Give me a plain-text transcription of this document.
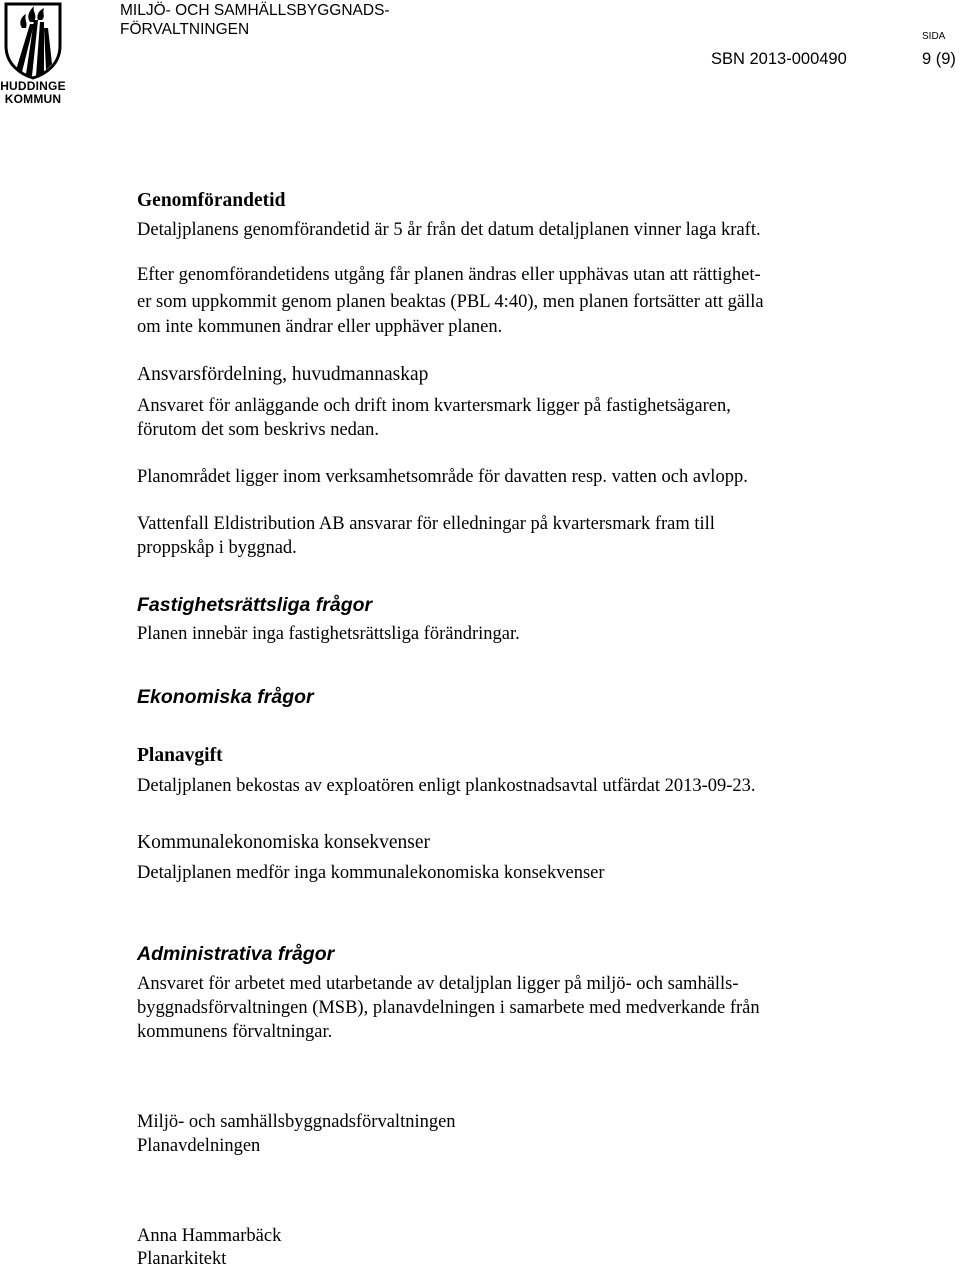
HUDDINGE
KOMMUN
MILJÖ- OCH SAMHÄLLSBYGGNADS-
FÖRVALTNINGEN	SIDA
SBN 2013-000490	9 (9)
Genomförandetid
Detaljplanens genomförandetid är 5 år från det datum detaljplanen vinner laga kraft.
Efter genomförandetidens utgång får planen ändras eller upphävas utan att rättighet-
er som uppkommit genom planen beaktas (PBL 4:40), men planen fortsätter att gälla
om inte kommunen ändrar eller upphäver planen.
Ansvarsfördelning, huvudmannaskap
Ansvaret för anläggande och drift inom kvartersmark ligger på fastighetsägaren,
förutom det som beskrivs nedan.
Planområdet ligger inom verksamhetsområde för davatten resp. vatten och avlopp.
Vattenfall Eldistribution AB ansvarar för elledningar på kvartersmark fram till
proppskåp i byggnad.
Fastighetsrättsliga frågor
Planen innebär inga fastighetsrättsliga förändringar.
Ekonomiska frågor
Planavgift
Detaljplanen bekostas av exploatören enligt plankostnadsavtal utfärdat 2013-09-23.
Kommunalekonomiska konsekvenser
Detaljplanen medför inga kommunalekonomiska konsekvenser
Administrativa frågor
Ansvaret för arbetet med utarbetande av detaljplan ligger på miljö- och samhälls-
byggnadsförvaltningen (MSB), planavdelningen i samarbete med medverkande från
kommunens förvaltningar.
Miljö- och samhällsbyggnadsförvaltningen
Planavdelningen
Anna Hammarbäck
Planarkitekt
